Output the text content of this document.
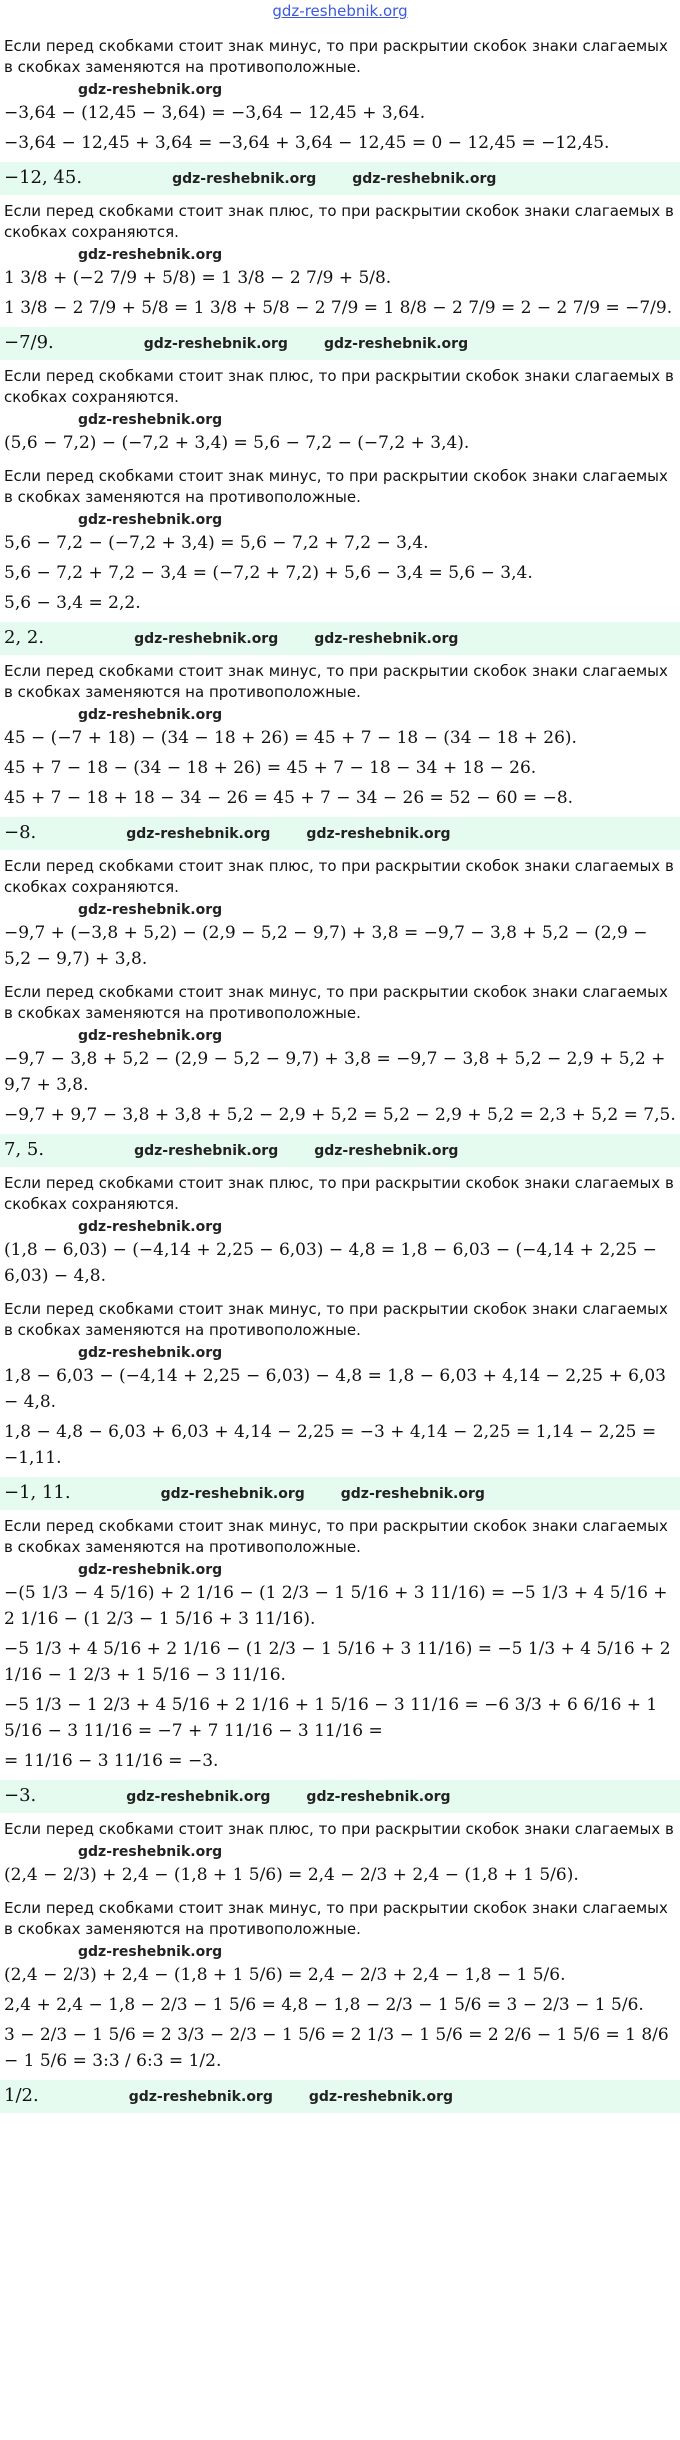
gdz-reshebnik.org

Если перед скобками стоит знак минус, то при раскрытии скобок знаки слагаемых в скобках заменяются на противоположные.

gdz-reshebnik.org

−3,64 − (12,45 − 3,64) = −3,64 − 12,45 + 3,64.

−3,64 − 12,45 + 3,64 = −3,64 + 3,64 − 12,45 = 0 − 12,45 = −12,45.

−12, 45.	gdz-reshebnik.org	gdz-reshebnik.org

Если перед скобками стоит знак плюс, то при раскрытии скобок знаки слагаемых в скобках сохраняются.

gdz-reshebnik.org

1 3/8 + (−2 7/9 + 5/8) = 1 3/8 − 2 7/9 + 5/8.

1 3/8 − 2 7/9 + 5/8 = 1 3/8 + 5/8 − 2 7/9 = 1 8/8 − 2 7/9 = 2 − 2 7/9 = −7/9.

−7/9.	gdz-reshebnik.org	gdz-reshebnik.org

Если перед скобками стоит знак плюс, то при раскрытии скобок знаки слагаемых в скобках сохраняются.

gdz-reshebnik.org

(5,6 − 7,2) − (−7,2 + 3,4) = 5,6 − 7,2 − (−7,2 + 3,4).

Если перед скобками стоит знак минус, то при раскрытии скобок знаки слагаемых в скобках заменяются на противоположные.

gdz-reshebnik.org

5,6 − 7,2 − (−7,2 + 3,4) = 5,6 − 7,2 + 7,2 − 3,4.

5,6 − 7,2 + 7,2 − 3,4 = (−7,2 + 7,2) + 5,6 − 3,4 = 5,6 − 3,4.

5,6 − 3,4 = 2,2.

2, 2.	gdz-reshebnik.org	gdz-reshebnik.org

Если перед скобками стоит знак минус, то при раскрытии скобок знаки слагаемых в скобках заменяются на противоположные.

gdz-reshebnik.org

45 − (−7 + 18) − (34 − 18 + 26) = 45 + 7 − 18 − (34 − 18 + 26).

45 + 7 − 18 − (34 − 18 + 26) = 45 + 7 − 18 − 34 + 18 − 26.

45 + 7 − 18 + 18 − 34 − 26 = 45 + 7 − 34 − 26 = 52 − 60 = −8.

−8.	gdz-reshebnik.org	gdz-reshebnik.org

Если перед скобками стоит знак плюс, то при раскрытии скобок знаки слагаемых в скобках сохраняются.

gdz-reshebnik.org

−9,7 + (−3,8 + 5,2) − (2,9 − 5,2 − 9,7) + 3,8 = −9,7 − 3,8 + 5,2 − (2,9 − 5,2 − 9,7) + 3,8.

Если перед скобками стоит знак минус, то при раскрытии скобок знаки слагаемых в скобках заменяются на противоположные.

gdz-reshebnik.org

−9,7 − 3,8 + 5,2 − (2,9 − 5,2 − 9,7) + 3,8 = −9,7 − 3,8 + 5,2 − 2,9 + 5,2 + 9,7 + 3,8.

−9,7 + 9,7 − 3,8 + 3,8 + 5,2 − 2,9 + 5,2 = 5,2 − 2,9 + 5,2 = 2,3 + 5,2 = 7,5.

7, 5.	gdz-reshebnik.org	gdz-reshebnik.org

Если перед скобками стоит знак плюс, то при раскрытии скобок знаки слагаемых в скобках сохраняются.

gdz-reshebnik.org

(1,8 − 6,03) − (−4,14 + 2,25 − 6,03) − 4,8 = 1,8 − 6,03 − (−4,14 + 2,25 − 6,03) − 4,8.

Если перед скобками стоит знак минус, то при раскрытии скобок знаки слагаемых в скобках заменяются на противоположные.

gdz-reshebnik.org

1,8 − 6,03 − (−4,14 + 2,25 − 6,03) − 4,8 = 1,8 − 6,03 + 4,14 − 2,25 + 6,03 − 4,8.

1,8 − 4,8 − 6,03 + 6,03 + 4,14 − 2,25 = −3 + 4,14 − 2,25 = 1,14 − 2,25 = −1,11.

−1, 11.	gdz-reshebnik.org	gdz-reshebnik.org

Если перед скобками стоит знак минус, то при раскрытии скобок знаки слагаемых в скобках заменяются на противоположные.

gdz-reshebnik.org

−(5 1/3 − 4 5/16) + 2 1/16 − (1 2/3 − 1 5/16 + 3 11/16) = −5 1/3 + 4 5/16 + 2 1/16 − (1 2/3 − 1 5/16 + 3 11/16).

−5 1/3 + 4 5/16 + 2 1/16 − (1 2/3 − 1 5/16 + 3 11/16) = −5 1/3 + 4 5/16 + 2 1/16 − 1 2/3 + 1 5/16 − 3 11/16.

−5 1/3 − 1 2/3 + 4 5/16 + 2 1/16 + 1 5/16 − 3 11/16 = −6 3/3 + 6 6/16 + 1 5/16 − 3 11/16 = −7 + 7 11/16 − 3 11/16 =

= 11/16 − 3 11/16 = −3.

−3.	gdz-reshebnik.org	gdz-reshebnik.org

Если перед скобками стоит знак плюс, то при раскрытии скобок знаки слагаемых в

gdz-reshebnik.org

(2,4 − 2/3) + 2,4 − (1,8 + 1 5/6) = 2,4 − 2/3 + 2,4 − (1,8 + 1 5/6).

Если перед скобками стоит знак минус, то при раскрытии скобок знаки слагаемых в скобках заменяются на противоположные.

gdz-reshebnik.org

(2,4 − 2/3) + 2,4 − (1,8 + 1 5/6) = 2,4 − 2/3 + 2,4 − 1,8 − 1 5/6.

2,4 + 2,4 − 1,8 − 2/3 − 1 5/6 = 4,8 − 1,8 − 2/3 − 1 5/6 = 3 − 2/3 − 1 5/6.

3 − 2/3 − 1 5/6 = 2 3/3 − 2/3 − 1 5/6 = 2 1/3 − 1 5/6 = 2 2/6 − 1 5/6 = 1 8/6 − 1 5/6 = 3:3 / 6:3 = 1/2.

1/2.	gdz-reshebnik.org	gdz-reshebnik.org
